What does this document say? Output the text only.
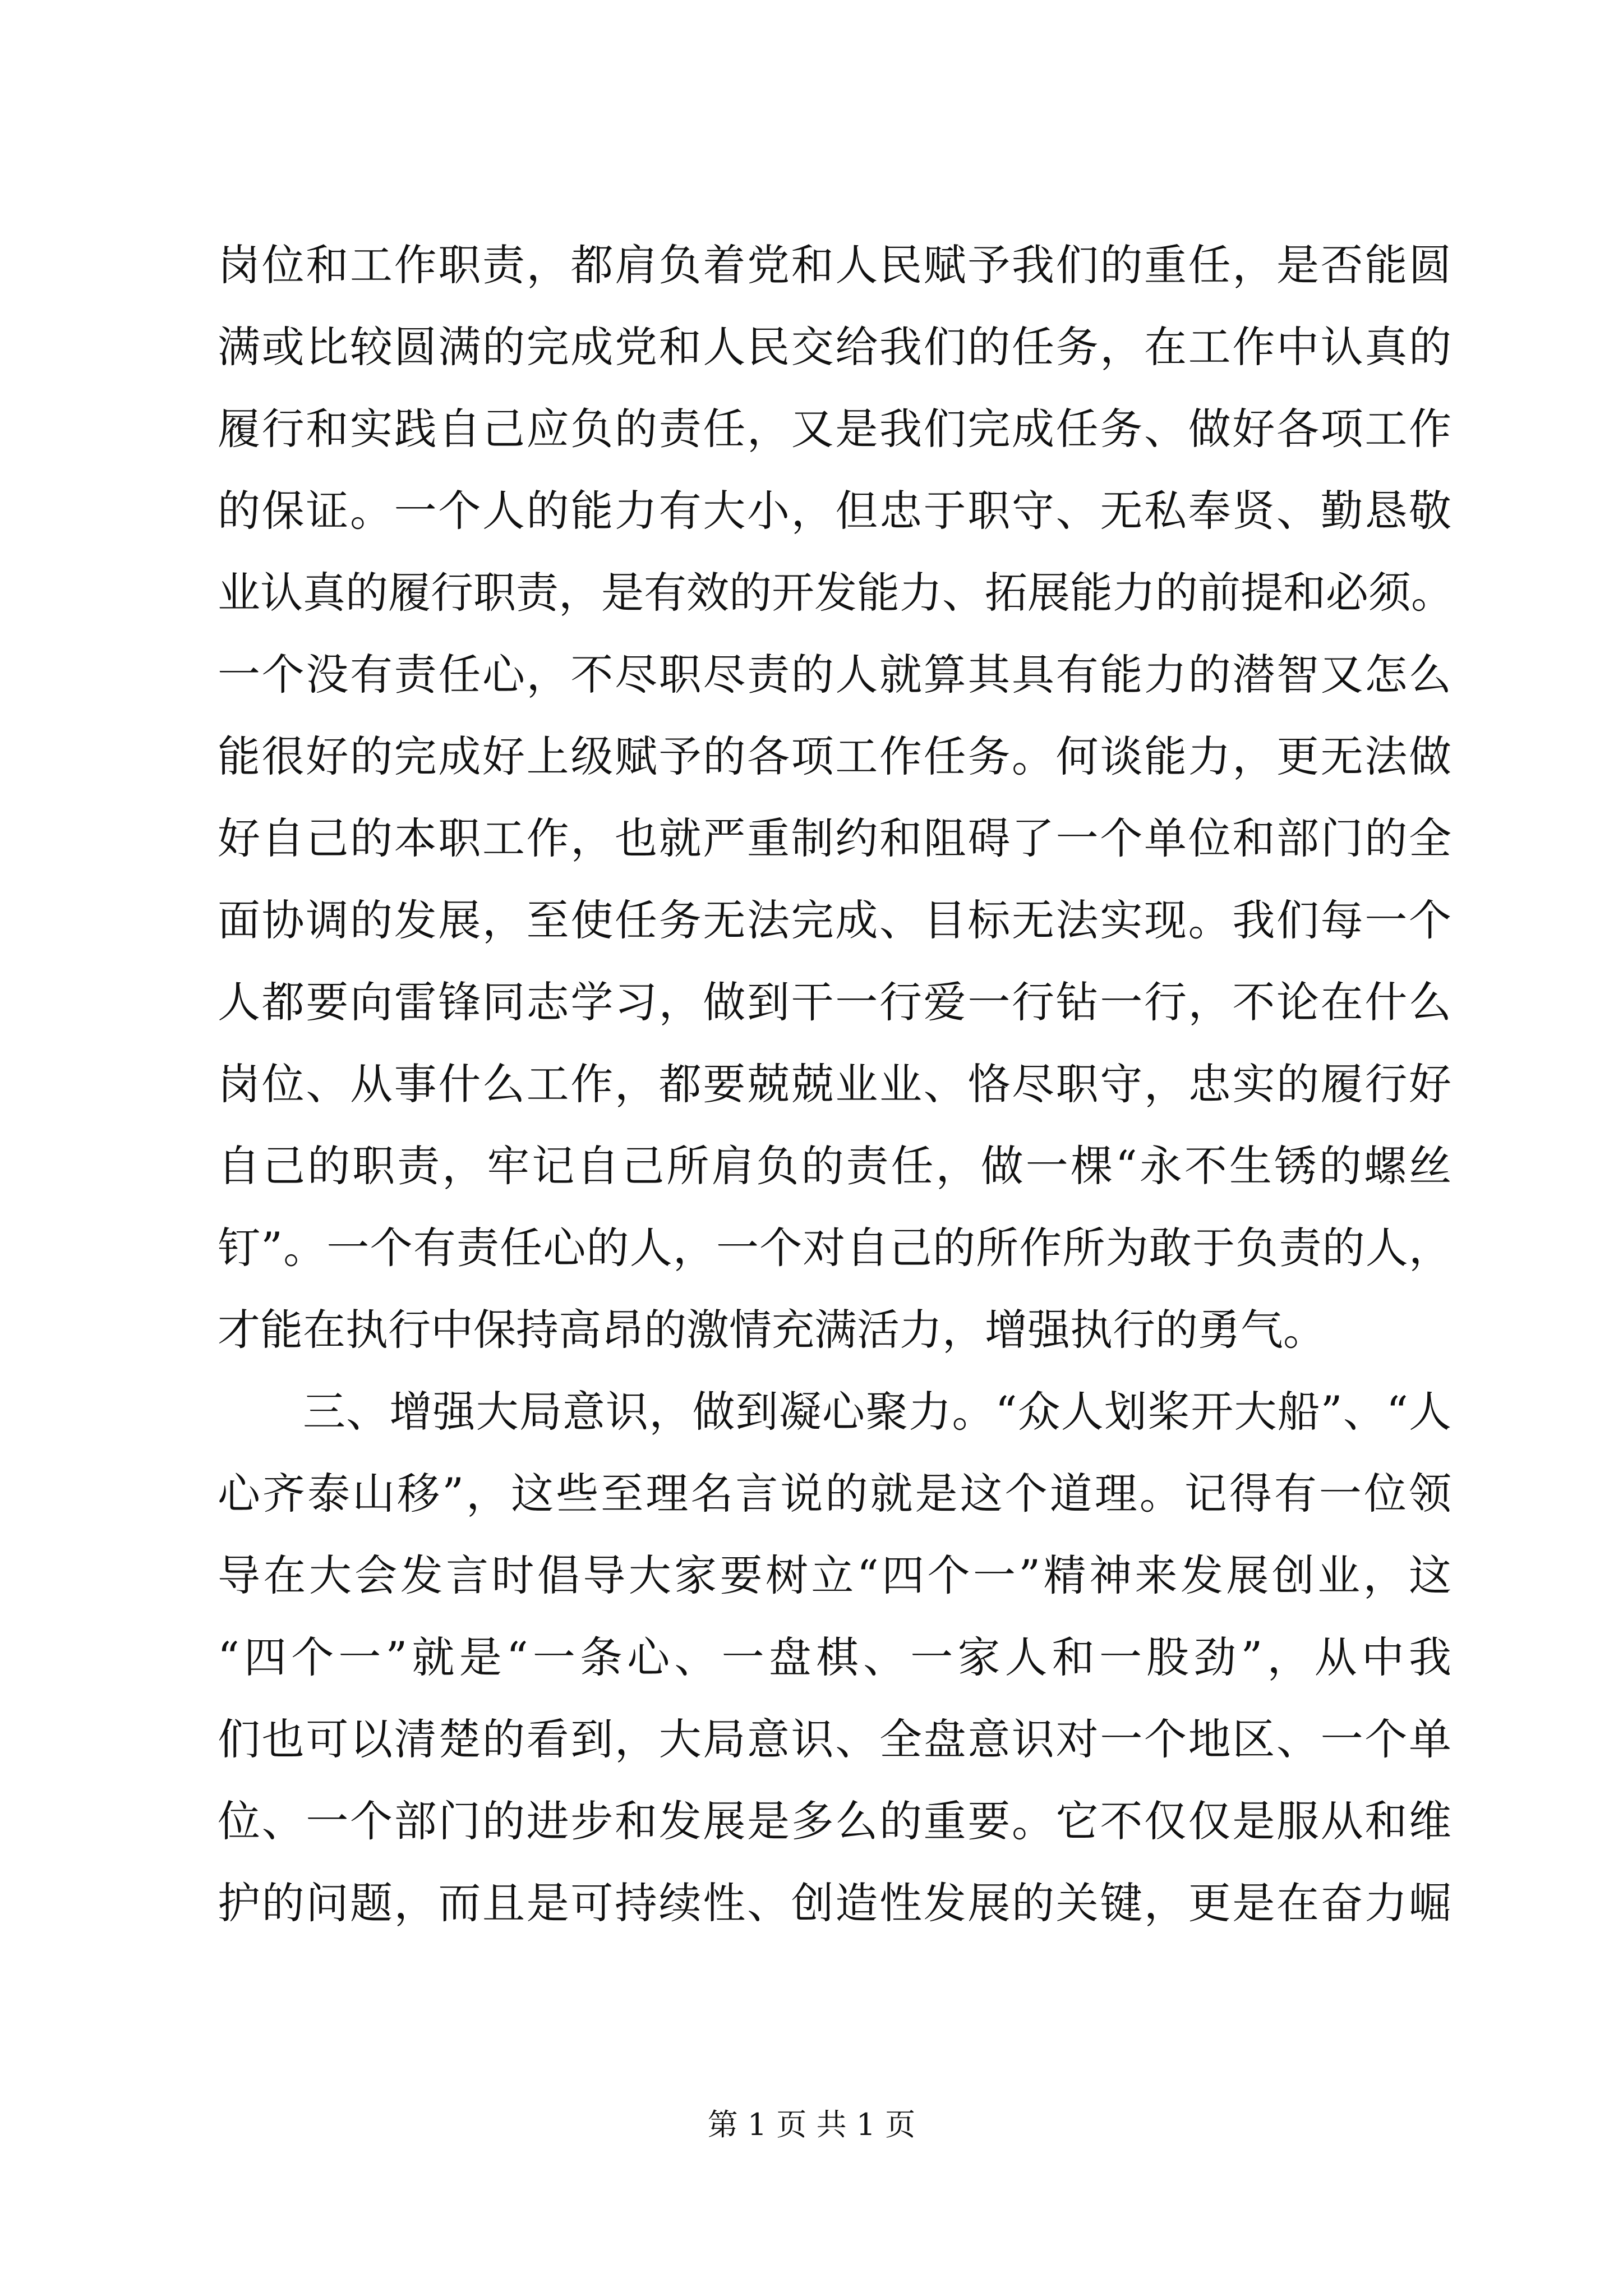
岗位和工作职责，都肩负着党和人民赋予我们的重任，是否能圆
满或比较圆满的完成党和人民交给我们的任务，在工作中认真的
履行和实践自己应负的责任，又是我们完成任务、做好各项工作
的保证。一个人的能力有大小，但忠于职守、无私奉贤、勤恳敬
业认真的履行职责，是有效的开发能力、拓展能力的前提和必须。
一个没有责任心，不尽职尽责的人就算其具有能力的潜智又怎么
能很好的完成好上级赋予的各项工作任务。何谈能力，更无法做
好自己的本职工作，也就严重制约和阻碍了一个单位和部门的全
面协调的发展，至使任务无法完成、目标无法实现。我们每一个
人都要向雷锋同志学习，做到干一行爱一行钻一行，不论在什么
岗位、从事什么工作，都要兢兢业业、恪尽职守，忠实的履行好
自己的职责，牢记自己所肩负的责任，做一棵“永不生锈的螺丝
钉”。一个有责任心的人，一个对自己的所作所为敢于负责的人，
才能在执行中保持高昂的激情充满活力，增强执行的勇气。
三、增强大局意识，做到凝心聚力。“众人划桨开大船”、“人
心齐泰山移”，这些至理名言说的就是这个道理。记得有一位领
导在大会发言时倡导大家要树立“四个一”精神来发展创业，这
“四个一”就是“一条心、一盘棋、一家人和一股劲”，从中我
们也可以清楚的看到，大局意识、全盘意识对一个地区、一个单
位、一个部门的进步和发展是多么的重要。它不仅仅是服从和维
护的问题，而且是可持续性、创造性发展的关键，更是在奋力崛
第 1 页 共 1 页
